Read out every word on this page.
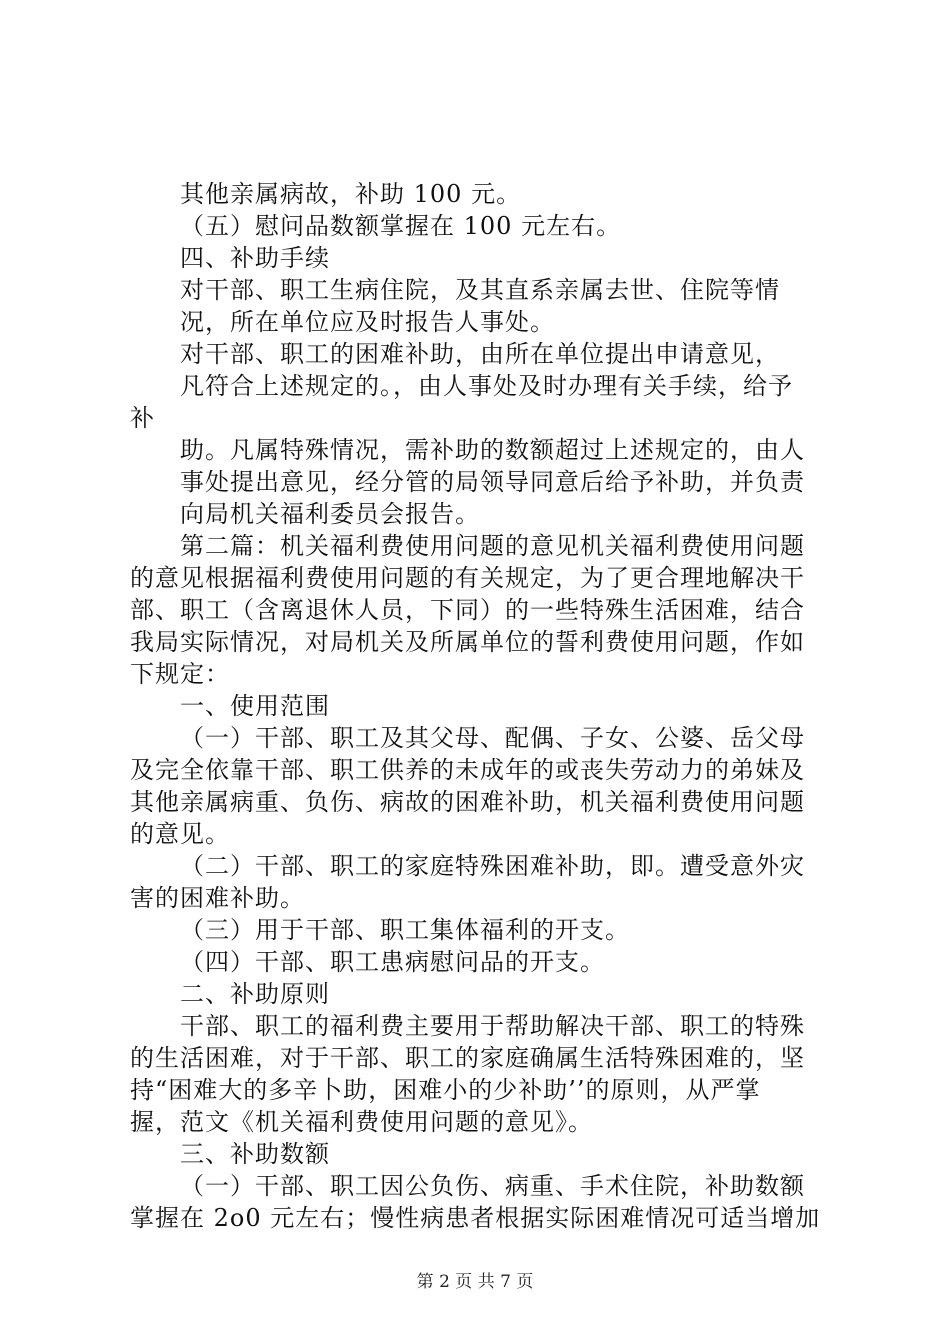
其他亲属病故，补助 100 元。
（五）慰问品数额掌握在 100 元左右。
四、补助手续
对干部、职工生病住院，及其直系亲属去世、住院等情
况，所在单位应及时报告人事处。
对干部、职工的困难补助，由所在单位提出申请意见，
凡符合上述规定的。，由人事处及时办理有关手续，给予
补
助。凡属特殊情况，需补助的数额超过上述规定的，由人
事处提出意见，经分管的局领导同意后给予补助，并负责
向局机关福利委员会报告。
第二篇：机关福利费使用问题的意见机关福利费使用问题
的意见根据福利费使用问题的有关规定，为了更合理地解决干
部、职工（含离退休人员，下同）的一些特殊生活困难，结合
我局实际情况，对局机关及所属单位的誓利费使用问题，作如
下规定：
一、使用范围
（一）干部、职工及其父母、配偶、子女、公婆、岳父母
及完全依靠干部、职工供养的未成年的或丧失劳动力的弟妹及
其他亲属病重、负伤、病故的困难补助，机关福利费使用问题
的意见。
（二）干部、职工的家庭特殊困难补助，即。遭受意外灾
害的困难补助。
（三）用于干部、职工集体福利的开支。
（四）干部、职工患病慰问品的开支。
二、补助原则
干部、职工的福利费主要用于帮助解决干部、职工的特殊
的生活困难，对于干部、职工的家庭确属生活特殊困难的，坚
持“困难大的多辛卜助，困难小的少补助’’的原则，从严掌
握，范文《机关福利费使用问题的意见》。
三、补助数额
（一）干部、职工因公负伤、病重、手术住院，补助数额
掌握在 2o0 元左右；慢性病患者根据实际困难情况可适当增加
第 2 页 共 7 页
